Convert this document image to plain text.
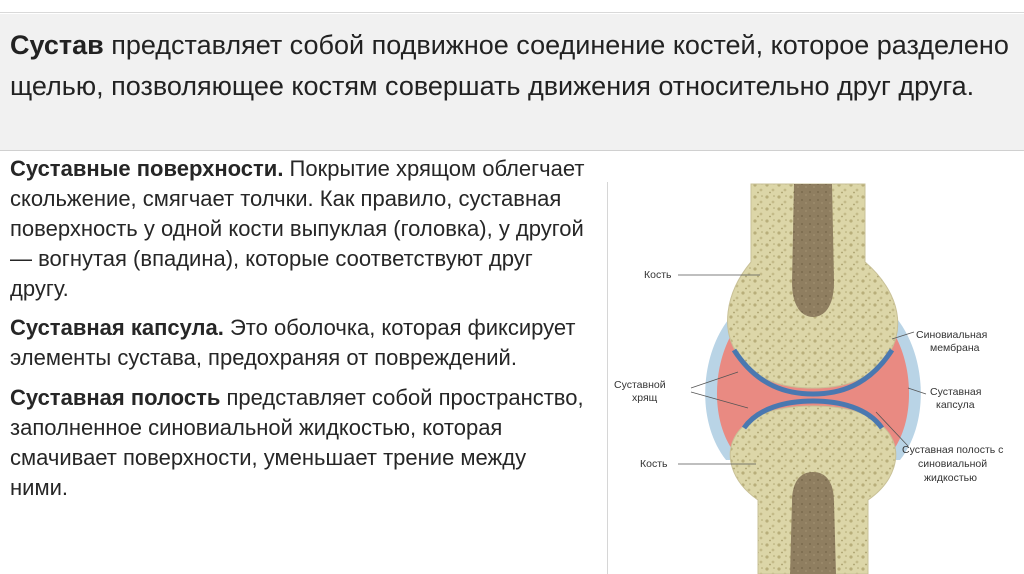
Сустав представляет собой подвижное соединение костей, которое разделено щелью, позволяющее костям совершать движения относительно друг друга.

Суставные поверхности. Покрытие хрящом облегчает скольжение, смягчает толчки. Как правило, суставная поверхность у одной кости выпуклая (головка), у другой — вогнутая (впадина), которые соответствуют друг другу.

Суставная капсула. Это оболочка, которая фиксирует элементы сустава, предохраняя от повреждений.

Суставная полость представляет собой пространство, заполненное синовиальной жидкостью, которая смачивает поверхности, уменьшает трение между ними.

Кость
Суставной
хрящ
Кость
Синовиальная
мембрана
Суставная
капсула
Суставная полость с
синовиальной
жидкостью
